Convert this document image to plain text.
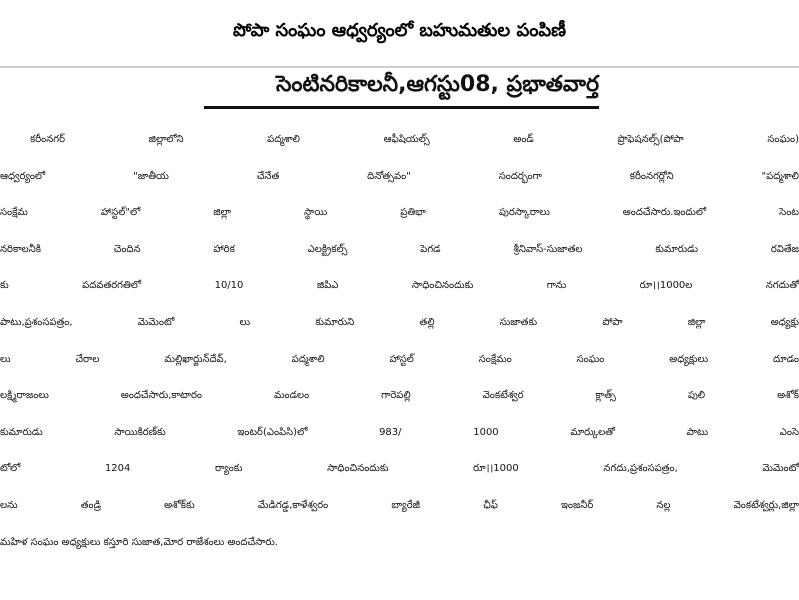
పోపా సంఘం ఆధ్వర్యంలో బహుమతుల పంపిణీ
సెంటినరికాలనీ,ఆగస్టు08, ప్రభాతవార్త
కరీంనగర్ జిల్లాలోని పద్మశాలి ఆఫీషియల్స్ అండ్ ప్రొఫెషనల్స్(పోపా సంఘం)
ఆధ్వర్యంలో "జాతీయ చేనేత దినోత్సవం" సందర్భంగా కరీంనగర్లోని "పద్మశాలి
సంక్షేమ హాస్టల్"లో జిల్లా స్థాయి ప్రతిభా పురస్కారాలు అందచేసారు.ఇందులో సెంట
నరికాలనీకి చెందిన హారిక ఎలక్ట్రికల్స్ పెగడ శ్రీనివాస్-సుజాతల కుమారుడు రవితేజ
కు పదవతరగతిలో 10/10 జిపిఎ సాధించినందుకు గాను రూ।।1000ల నగదుతో
పాటు,ప్రశంసపత్రం, మెమెంటో లు కుమారుని తల్లి సుజాతకు పోపా జిల్లా అధ్యక్షు
లు చేరాల మల్లిఖార్జున్‌దేవ్, పద్మశాలి హాస్టల్ సంక్షేమం సంఘం అధ్యక్షులు దూడం
లక్ష్మిరాజంలు అందచేసారు,కాటారం మండలం గారెపల్లి వెంకటేశ్వర క్లాత్స్ పులి అశోక్
కుమారుడు సాయికిరణ్‌కు ఇంటర్(ఎంపిసి)లో 983/ 1000 మార్కులతో పాటు ఎంసె
టోలో 1204 ర్యాంకు సాధించినందుకు రూ।।1000 నగదు,ప్రశంసపత్రం, మెమెంటో
లను తండ్రి అశోక్‌కు మేడిగడ్డ,కాళేశ్వరం బ్యారేజీ ఛీఫ్ ఇంజనీర్ నల్ల వెంకటేశ్వర్లు,జిల్లా
మహిళ సంఘం అధ్యక్షులు కస్తూరి సుజాత,మోర రాజేశంలు అందచేసారు.
